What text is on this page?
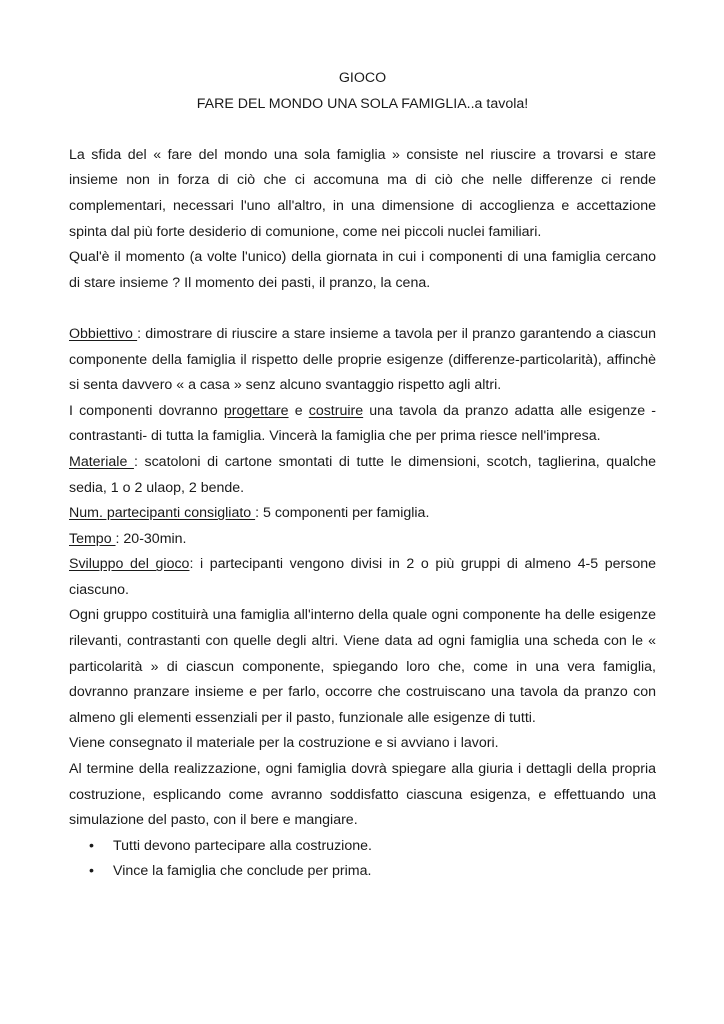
GIOCO

FARE DEL MONDO UNA SOLA FAMIGLIA..a tavola!

La sfida del « fare del mondo una sola famiglia » consiste nel riuscire a trovarsi e stare insieme non in forza di ciò che ci accomuna ma di ciò che nelle differenze ci rende complementari, necessari l'uno all'altro, in una dimensione di accoglienza e accettazione spinta dal più forte desiderio di comunione, come nei piccoli nuclei familiari.

Qual'è il momento (a volte l'unico) della giornata in cui i componenti di una famiglia cercano di stare insieme ? Il momento dei pasti, il pranzo, la cena.

Obbiettivo : dimostrare di riuscire a stare insieme a tavola per il pranzo garantendo a ciascun componente della famiglia il rispetto delle proprie esigenze (differenze-particolarità), affinchè si senta davvero « a casa » senz alcuno svantaggio rispetto agli altri.

I componenti dovranno progettare e costruire una tavola da pranzo adatta alle esigenze -contrastanti- di tutta la famiglia. Vincerà la famiglia che per prima riesce nell'impresa.

Materiale : scatoloni di cartone smontati di tutte le dimensioni, scotch, taglierina, qualche sedia, 1 o 2 ulaop, 2 bende.

Num. partecipanti consigliato : 5 componenti per famiglia.

Tempo : 20-30min.

Sviluppo del gioco: i partecipanti vengono divisi in 2 o più gruppi di almeno 4-5 persone ciascuno.

Ogni gruppo costituirà una famiglia all'interno della quale ogni componente ha delle esigenze rilevanti, contrastanti con quelle degli altri. Viene data ad ogni famiglia una scheda con le « particolarità » di ciascun componente, spiegando loro che, come in una vera famiglia, dovranno pranzare insieme e per farlo, occorre che costruiscano una tavola da pranzo con almeno gli elementi essenziali per il pasto, funzionale alle esigenze di tutti.

Viene consegnato il materiale per la costruzione e si avviano i lavori.

Al termine della realizzazione, ogni famiglia dovrà spiegare alla giuria i dettagli della propria costruzione, esplicando come avranno soddisfatto ciascuna esigenza, e effettuando una simulazione del pasto, con il bere e mangiare.

• Tutti devono partecipare alla costruzione.
• Vince la famiglia che conclude per prima.
